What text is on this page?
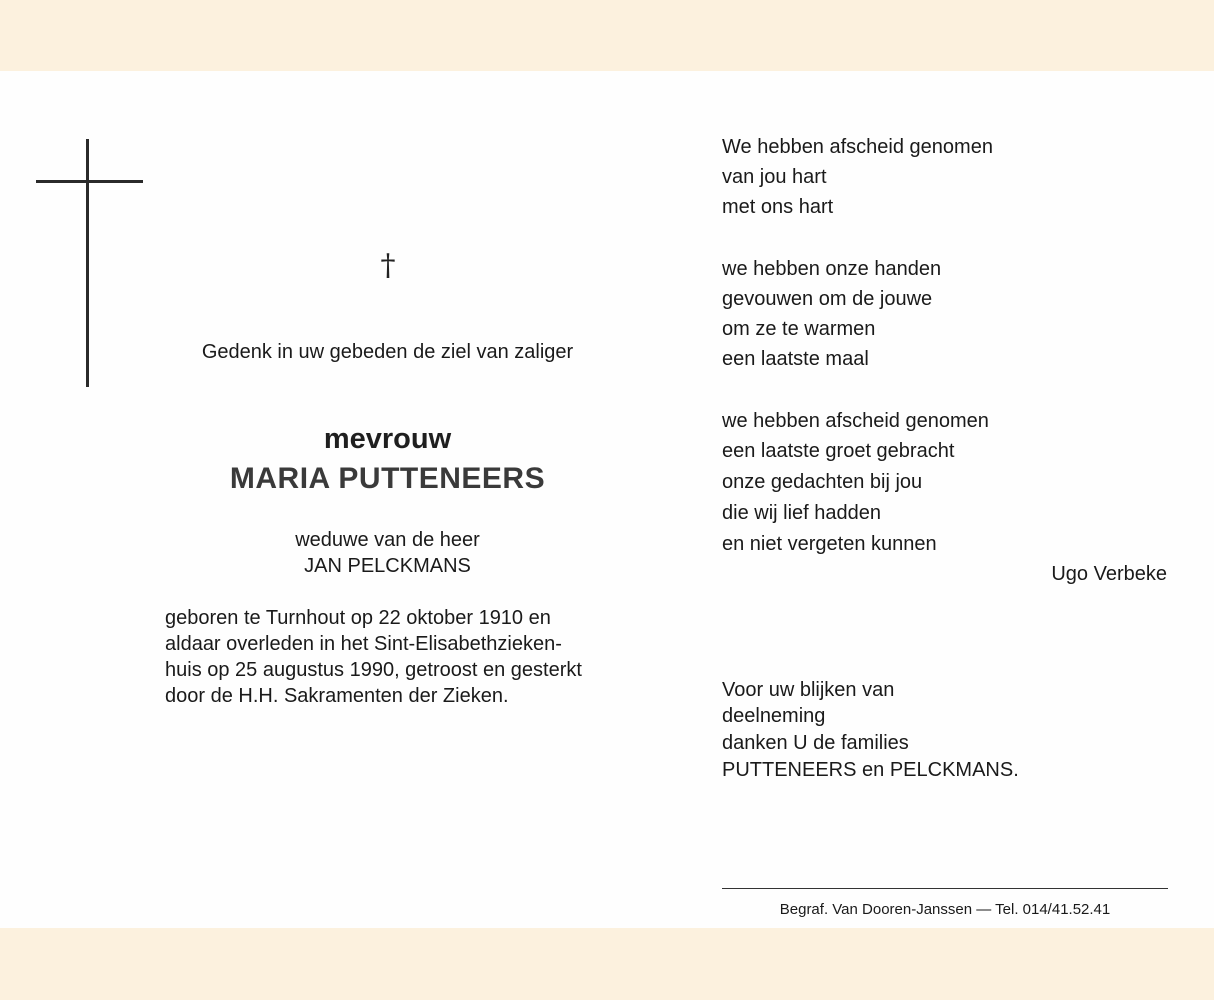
†
Gedenk in uw gebeden de ziel van zaliger
mevrouw
MARIA PUTTENEERS
weduwe van de heer
JAN PELCKMANS
geboren te Turnhout op 22 oktober 1910 en
aldaar overleden in het Sint-Elisabethzieken-
huis op 25 augustus 1990, getroost en gesterkt
door de H.H. Sakramenten der Zieken.
We hebben afscheid genomen
van jou hart
met ons hart
we hebben onze handen
gevouwen om de jouwe
om ze te warmen
een laatste maal
we hebben afscheid genomen
een laatste groet gebracht
onze gedachten bij jou
die wij lief hadden
en niet vergeten kunnen
Ugo Verbeke
Voor uw blijken van
deelneming
danken U de families
PUTTENEERS en PELCKMANS.
Begraf. Van Dooren-Janssen — Tel. 014/41.52.41
